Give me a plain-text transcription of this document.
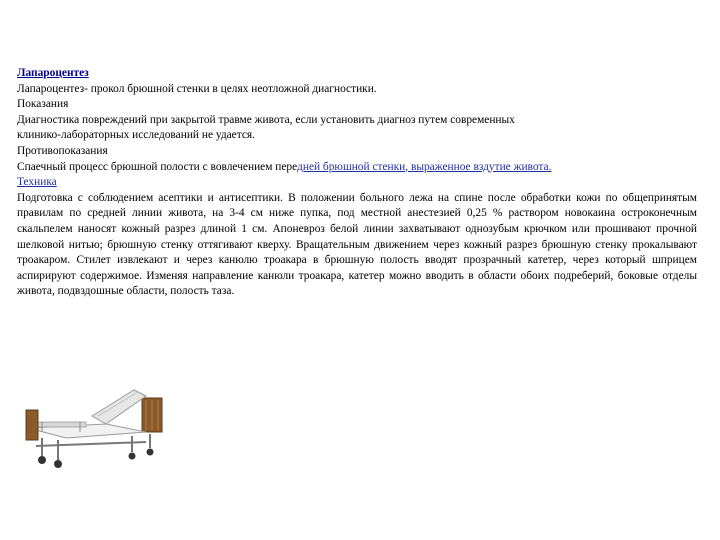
Лапароцентез

Лапароцентез- прокол брюшной стенки в целях неотложной диагностики.

Показания

Диагностика повреждений при закрытой травме живота, если установить диагноз путем современных

клинико-лабораторных исследований не удается.

Противопоказания

Спаечный процесс брюшной полости с вовлечением передней брюшной стенки, выраженное вздутие живота.

Техника

Подготовка с соблюдением асептики и антисептики. В положении больного лежа на спине после обработки кожи по общепринятым правилам по средней линии живота, на 3-4 см ниже пупка, под местной анестезией 0,25 % раствором новокаина остроконечным скальпелем наносят кожный разрез длиной 1 см. Апоневроз белой линии захватывают однозубым крючком или прошивают прочной шелковой нитью; брюшную стенку оттягивают кверху. Вращательным движением через кожный разрез брюшную стенку прокалывают троакаром. Стилет извлекают и через канюлю троакара в брюшную полость вводят прозрачный катетер, через который шприцем аспирируют содержимое. Изменяя направление канюли троакара, катетер можно вводить в области обоих подреберий, боковые отделы живота, подвздошные области, полость таза.
